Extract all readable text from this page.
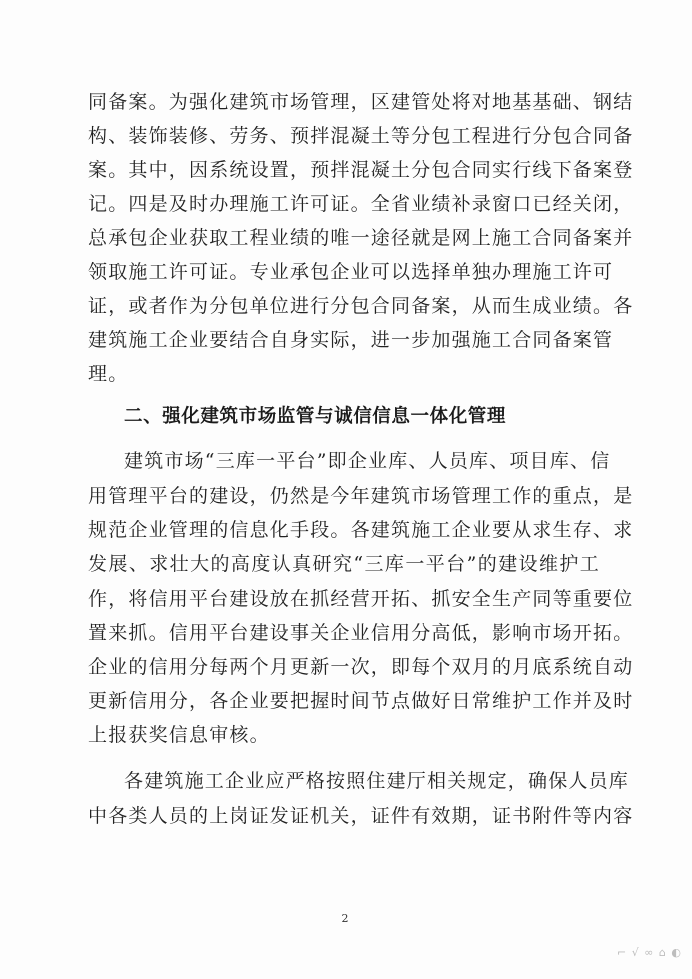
同备案。为强化建筑市场管理，区建管处将对地基基础、钢结
构、装饰装修、劳务、预拌混凝土等分包工程进行分包合同备
案。其中，因系统设置，预拌混凝土分包合同实行线下备案登
记。四是及时办理施工许可证。全省业绩补录窗口已经关闭，
总承包企业获取工程业绩的唯一途径就是网上施工合同备案并
领取施工许可证。专业承包企业可以选择单独办理施工许可
证，或者作为分包单位进行分包合同备案，从而生成业绩。各
建筑施工企业要结合自身实际，进一步加强施工合同备案管
理。
二、强化建筑市场监管与诚信信息一体化管理
建筑市场“三库一平台”即企业库、人员库、项目库、信
用管理平台的建设，仍然是今年建筑市场管理工作的重点，是
规范企业管理的信息化手段。各建筑施工企业要从求生存、求
发展、求壮大的高度认真研究“三库一平台”的建设维护工
作，将信用平台建设放在抓经营开拓、抓安全生产同等重要位
置来抓。信用平台建设事关企业信用分高低，影响市场开拓。
企业的信用分每两个月更新一次，即每个双月的月底系统自动
更新信用分，各企业要把握时间节点做好日常维护工作并及时
上报获奖信息审核。
各建筑施工企业应严格按照住建厅相关规定，确保人员库
中各类人员的上岗证发证机关，证件有效期，证书附件等内容
2
⌐ √ ∞ ⌂ ◐
